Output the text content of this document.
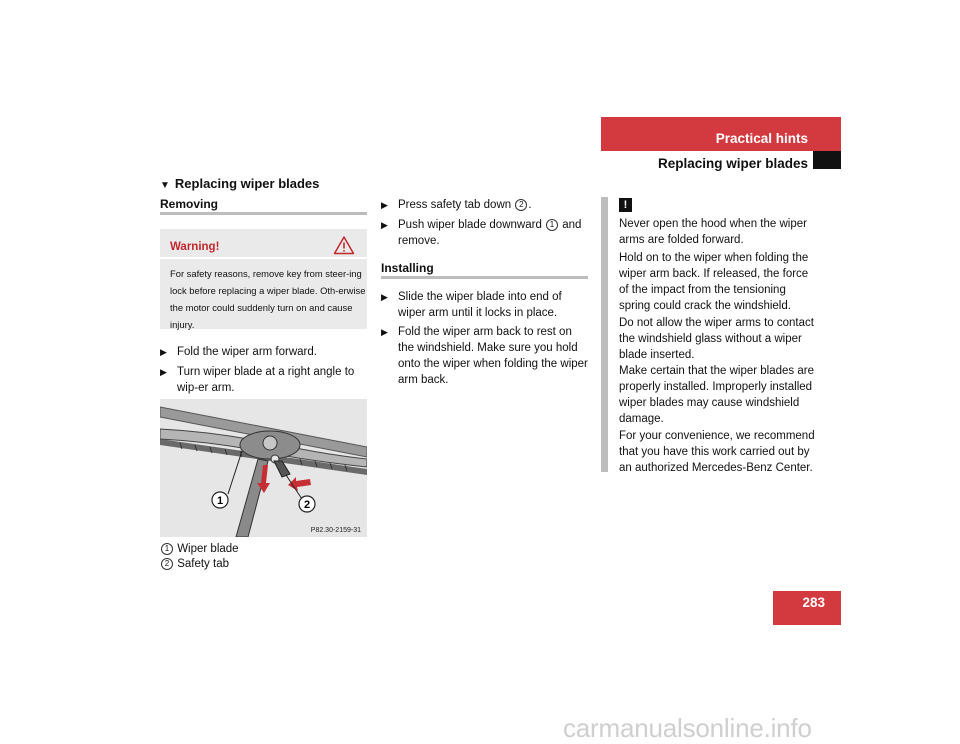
Practical hints
Replacing wiper blades
▼ Replacing wiper blades
Removing
Warning!
For safety reasons, remove key from steer-ing lock before replacing a wiper blade. Oth-erwise the motor could suddenly turn on and cause injury.
▶ Fold the wiper arm forward.
▶ Turn wiper blade at a right angle to wip-er arm.
1	2
P82.30-2159-31
1 Wiper blade
2 Safety tab
▶ Press safety tab down 2 .
▶ Push wiper blade downward 1 and remove.
Installing
▶ Slide the wiper blade into end of wiper arm until it locks in place.
▶ Fold the wiper arm back to rest on the windshield. Make sure you hold onto the wiper when folding the wiper arm back.
!
Never open the hood when the wiper arms are folded forward.
Hold on to the wiper when folding the wiper arm back. If released, the force of the impact from the tensioning spring could crack the windshield.
Do not allow the wiper arms to contact the windshield glass without a wiper blade inserted.
Make certain that the wiper blades are properly installed. Improperly installed wiper blades may cause windshield damage.
For your convenience, we recommend that you have this work carried out by an authorized Mercedes-Benz Center.
283
carmanualsonline.info
